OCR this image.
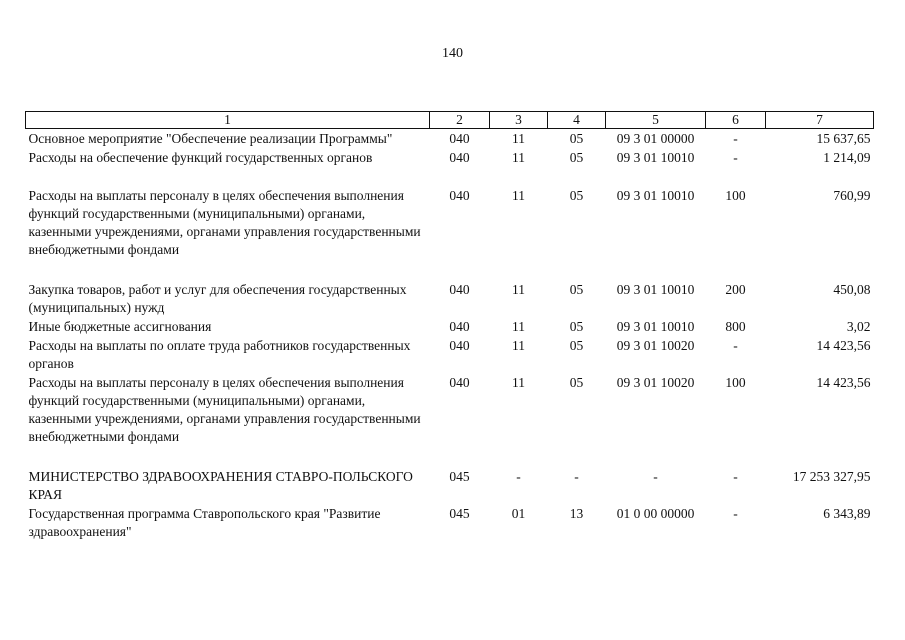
140
1	2	3	4	5	6	7
Основное мероприятие "Обеспечение реализации Программы"	040	11	05	09 3 01 00000	-	15 637,65
Расходы на обеспечение функций государственных органов	040	11	05	09 3 01 10010	-	1 214,09

Расходы на выплаты персоналу в целях обеспечения выполнения функций государственными (муниципальными) органами, казенными учреждениями, органами управления государственными внебюджетными фондами	040	11	05	09 3 01 10010	100	760,99

Закупка товаров, работ и услуг для обеспечения государственных (муниципальных) нужд	040	11	05	09 3 01 10010	200	450,08
Иные бюджетные ассигнования	040	11	05	09 3 01 10010	800	3,02
Расходы на выплаты по оплате труда работников государственных органов	040	11	05	09 3 01 10020	-	14 423,56
Расходы на выплаты персоналу в целях обеспечения выполнения функций государственными (муниципальными) органами, казенными учреждениями, органами управления государственными внебюджетными фондами	040	11	05	09 3 01 10020	100	14 423,56

МИНИСТЕРСТВО ЗДРАВООХРАНЕНИЯ СТАВРО-ПОЛЬСКОГО КРАЯ	045	-	-	-	-	17 253 327,95
Государственная программа Ставропольского края "Развитие здравоохранения"	045	01	13	01 0 00 00000	-	6 343,89
